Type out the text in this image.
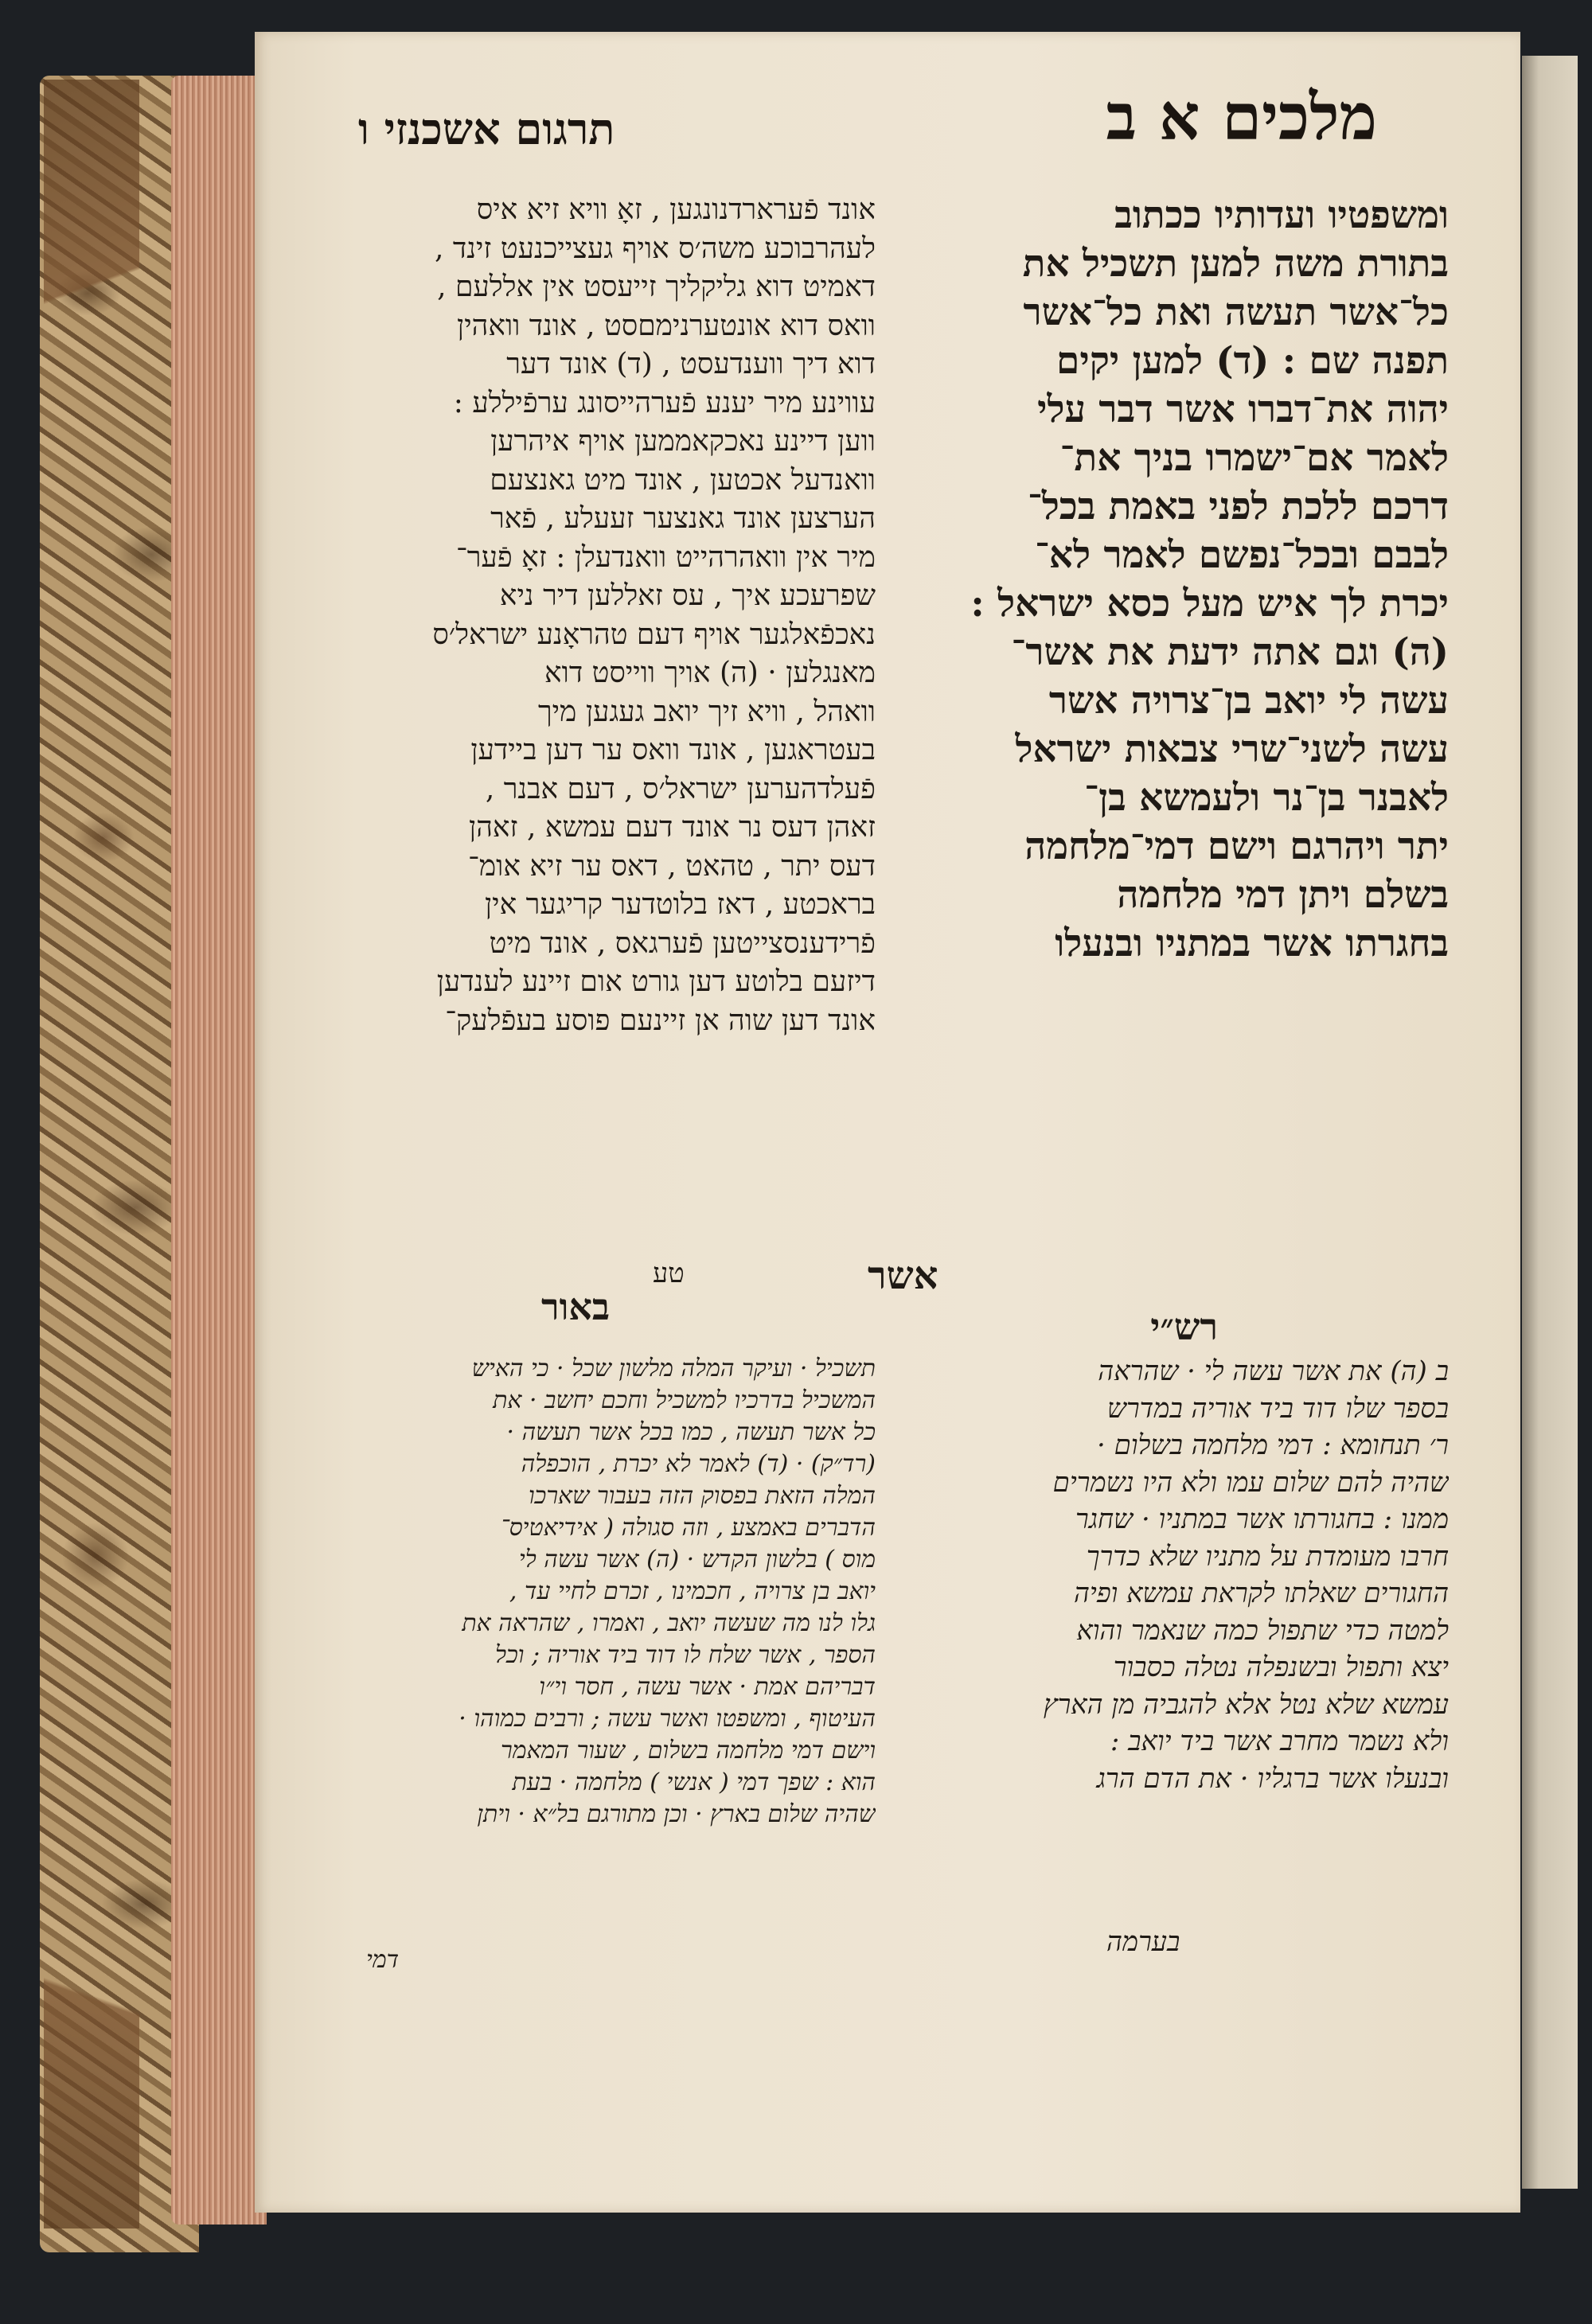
מלכים א ב
תרגום אשכנזי ו
ומשפטיו ועדותיו ככתוב
בתורת משה למען תשכיל את
כל־אשר תעשה ואת כל־אשר
תפנה שם : (ד) למען יקים
יהוה את־דברו אשר דבר עלי
לאמר אם־ישמרו בניך את־
דרכם ללכת לפני באמת בכל־
לבבם ובכל־נפשם לאמר לא־
יכרת לך איש מעל כסא ישראל :
(ה) וגם אתה ידעת את אשר־
עשה לי יואב בן־צרויה אשר
עשה לשני־שרי צבאות ישראל
לאבנר בן־נר ולעמשא בן־
יתר ויהרגם וישם דמי־מלחמה
בשלם ויתן דמי מלחמה
בחגרתו אשר במתניו ובנעלו
אונד פֿערארדנונגען , זאָ וויא זיא איס
לעהרבוכע משה׳ס אויף געצייכנעט זינד ,
דאמיט דוא גליקליך זייעסט אין אללעם ,
וואס דוא אונטערנימםסט , אונד וואהין
דוא דיך ווענדעסט , (ד) אונד דער
עווינע מיר יענע פֿערהייסונג ערפֿיללע :
ווען דיינע נאכקאממען אויף איהרען
וואנדעל אכטען , אונד מיט גאנצעם
הערצען אונד גאנצער זעעלע , פֿאר
מיר אין וואהרהייט וואנדעלן : זאָ פֿער־
שפרעכע איך , עס זאללען דיר ניא
נאכפֿאלגער אויף דעם טהראָנע ישראל׳ס
מאנגלען · (ה) אויך ווייסט דוא
וואהל , וויא זיך יואב געגען מיך
בעטראגען , אונד וואס ער דען ביידען
פֿעלדהערען ישראל׳ס , דעם אבנר ,
זאהן דעס נר אונד דעם עמשא , זאהן
דעס יתר , טהאט , דאס ער זיא אומ־
בראכטע , דאז בלוטדער קריגער אין
פֿרידענסצייטען פֿערגאס , אונד מיט
דיזעם בלוטע דען גורט אום זיינע לענדען
אונד דען שוה אן זיינעם פוסע בעפֿלעק־
טע	אשר
רש״י
באור
ב (ה) את אשר עשה לי · שהראה
בספר שלו דוד ביד אוריה במדרש
ר׳ תנחומא : דמי מלחמה בשלום ·
שהיה להם שלום עמו ולא היו נשמרים
ממנו : בחגורתו אשר במתניו · שחגר
חרבו מעומדת על מתניו שלא כדרך
החגורים שאלתו לקראת עמשא ופיה
למטה כדי שתפול כמה שנאמר והוא
יצא ותפול ובשנפלה נטלה כסבור
עמשא שלא נטל אלא להגביה מן הארץ
ולא נשמר מחרב אשר ביד יואב :
ובנעלו אשר ברגליו · את הדם הרג
תשכיל · ועיקר המלה מלשון שכל · כי האיש
המשכיל בדרכיו למשכיל וחכם יחשב · את
כל אשר תעשה , כמו בכל אשר תעשה ·
(רד״ק) · (ד) לאמר לא יכרת , הוכפלה
המלה הזאת בפסוק הזה בעבור שארכו
הדברים באמצע , וזה סגולה ( אידיאטיס־
מוס ) בלשון הקדש · (ה) אשר עשה לי
יואב בן צרויה , חכמינו , זכרם לחיי עד ,
גלו לנו מה שעשה יואב , ואמרו , שהראה את
הספר , אשר שלח לו דוד ביד אוריה ; וכל
דבריהם אמת · אשר עשה , חסר וי״ו
העיטוף , ומשפטו ואשר עשה ; ורבים כמוהו ·
וישם דמי מלחמה בשלום , שעור המאמר
הוא : שפך דמי ( אנשי ) מלחמה · בעת
שהיה שלום בארץ · וכן מתורגם בל״א · ויתן
בערמה
דמי
